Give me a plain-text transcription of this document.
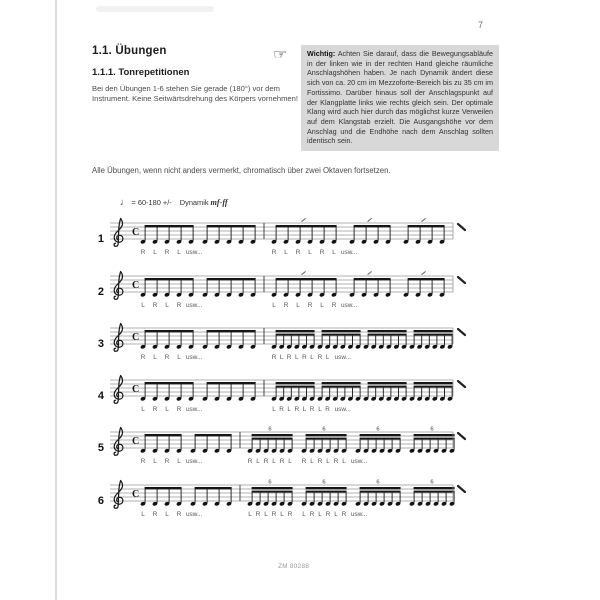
7
1.1. Übungen
1.1.1. Tonrepetitionen
Bei den Übungen 1-6 stehen Sie gerade (180°) vor dem Instrument. Keine Seitwärtsdrehung des Körpers vornehmen!
☞	Wichtig: Achten Sie darauf, dass die Bewegungsabläufe in der linken wie in der rechten Hand gleiche räumliche Anschlagshöhen haben. Je nach Dynamik ändert diese sich von ca. 20 cm im Mezzoforte-Bereich bis zu 35 cm im Fortissimo. Darüber hinaus soll der Anschlagspunkt auf der Klangplatte links wie rechts gleich sein. Der optimale Klang wird auch hier durch das möglichst kurze Verweilen auf dem Klangstab erzielt. Die Ausgangshöhe vor dem Anschlag und die Endhöhe nach dem Anschlag sollten identisch sein.
Alle Übungen, wenn nicht anders vermerkt, chromatisch über zwei Oktaven fortsetzen.
♩ = 60-180 +/- Dynamik mf-ff
1
C
R L R L usw...	R L R L R L usw...
2
C
L R L R usw...	L R L R L R usw...
3
C
R L R L usw...	R L R L R L R L usw...
4
C
L R L R usw...	L R L R L R L R usw...
5
C
6	6	6	6
R L R L usw...	R L R L R L R L R L R L usw...
6
C
6	6	6	6
L R L R usw...	L R L R L R L R L R L R usw...
ZM 80288
